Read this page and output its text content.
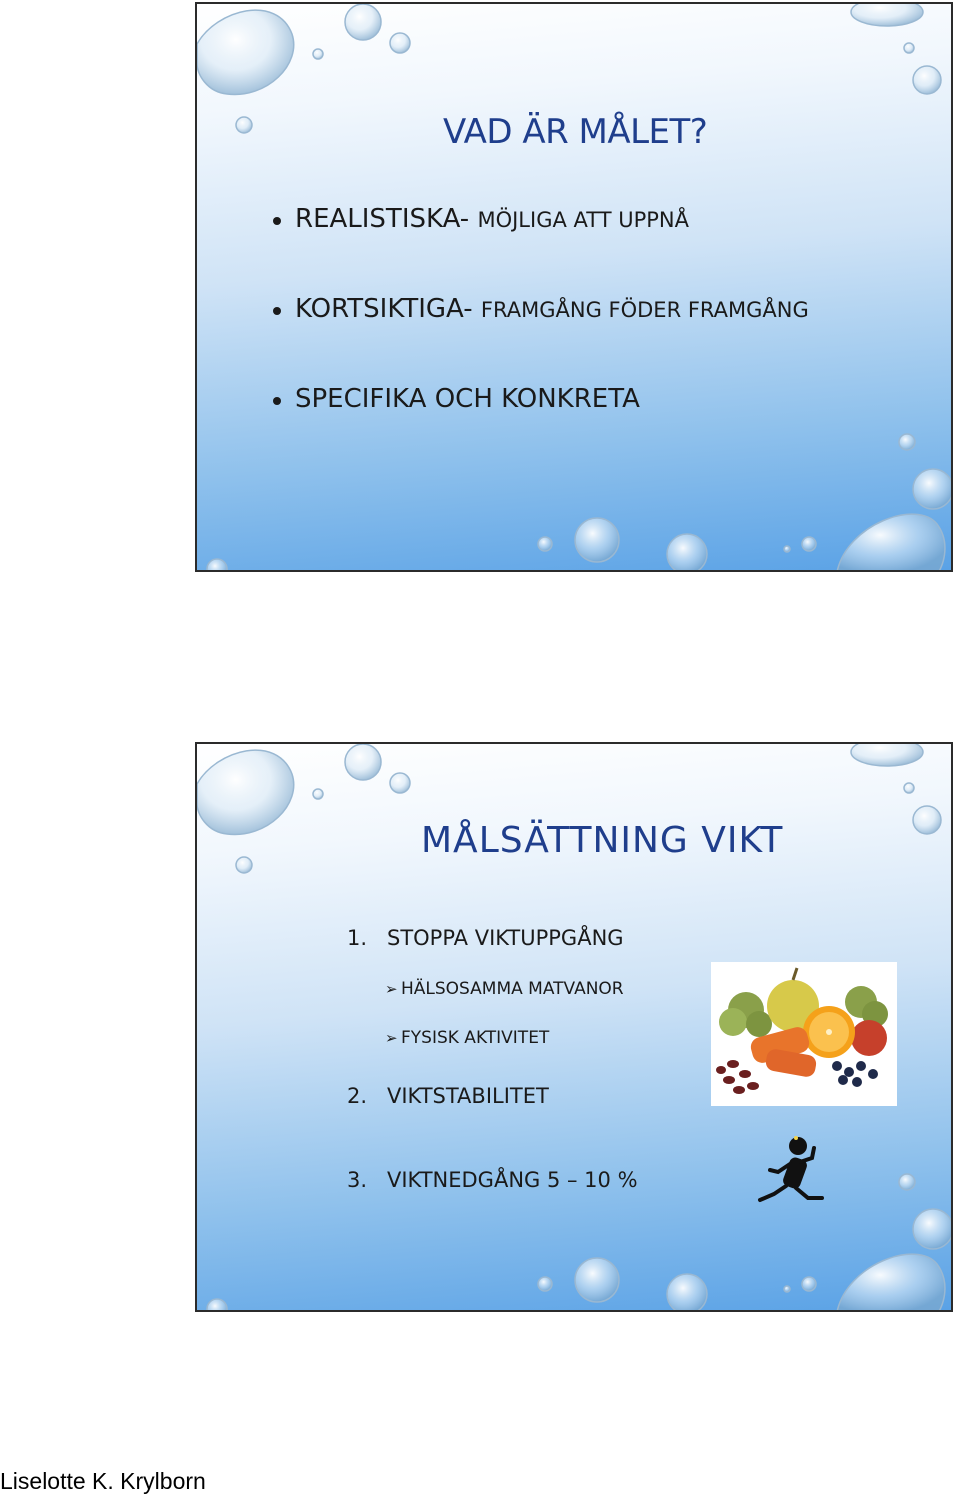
VAD ÄR MÅLET?
REALISTISKA- MÖJLIGA ATT UPPNÅ
KORTSIKTIGA- FRAMGÅNG FÖDER FRAMGÅNG
SPECIFIKA OCH KONKRETA
MÅLSÄTTNING VIKT
1. STOPPA VIKTUPPGÅNG
➢ HÄLSOSAMMA MATVANOR
➢ FYSISK AKTIVITET
2. VIKTSTABILITET
3. VIKTNEDGÅNG 5 – 10 %
Liselotte K. Krylborn
